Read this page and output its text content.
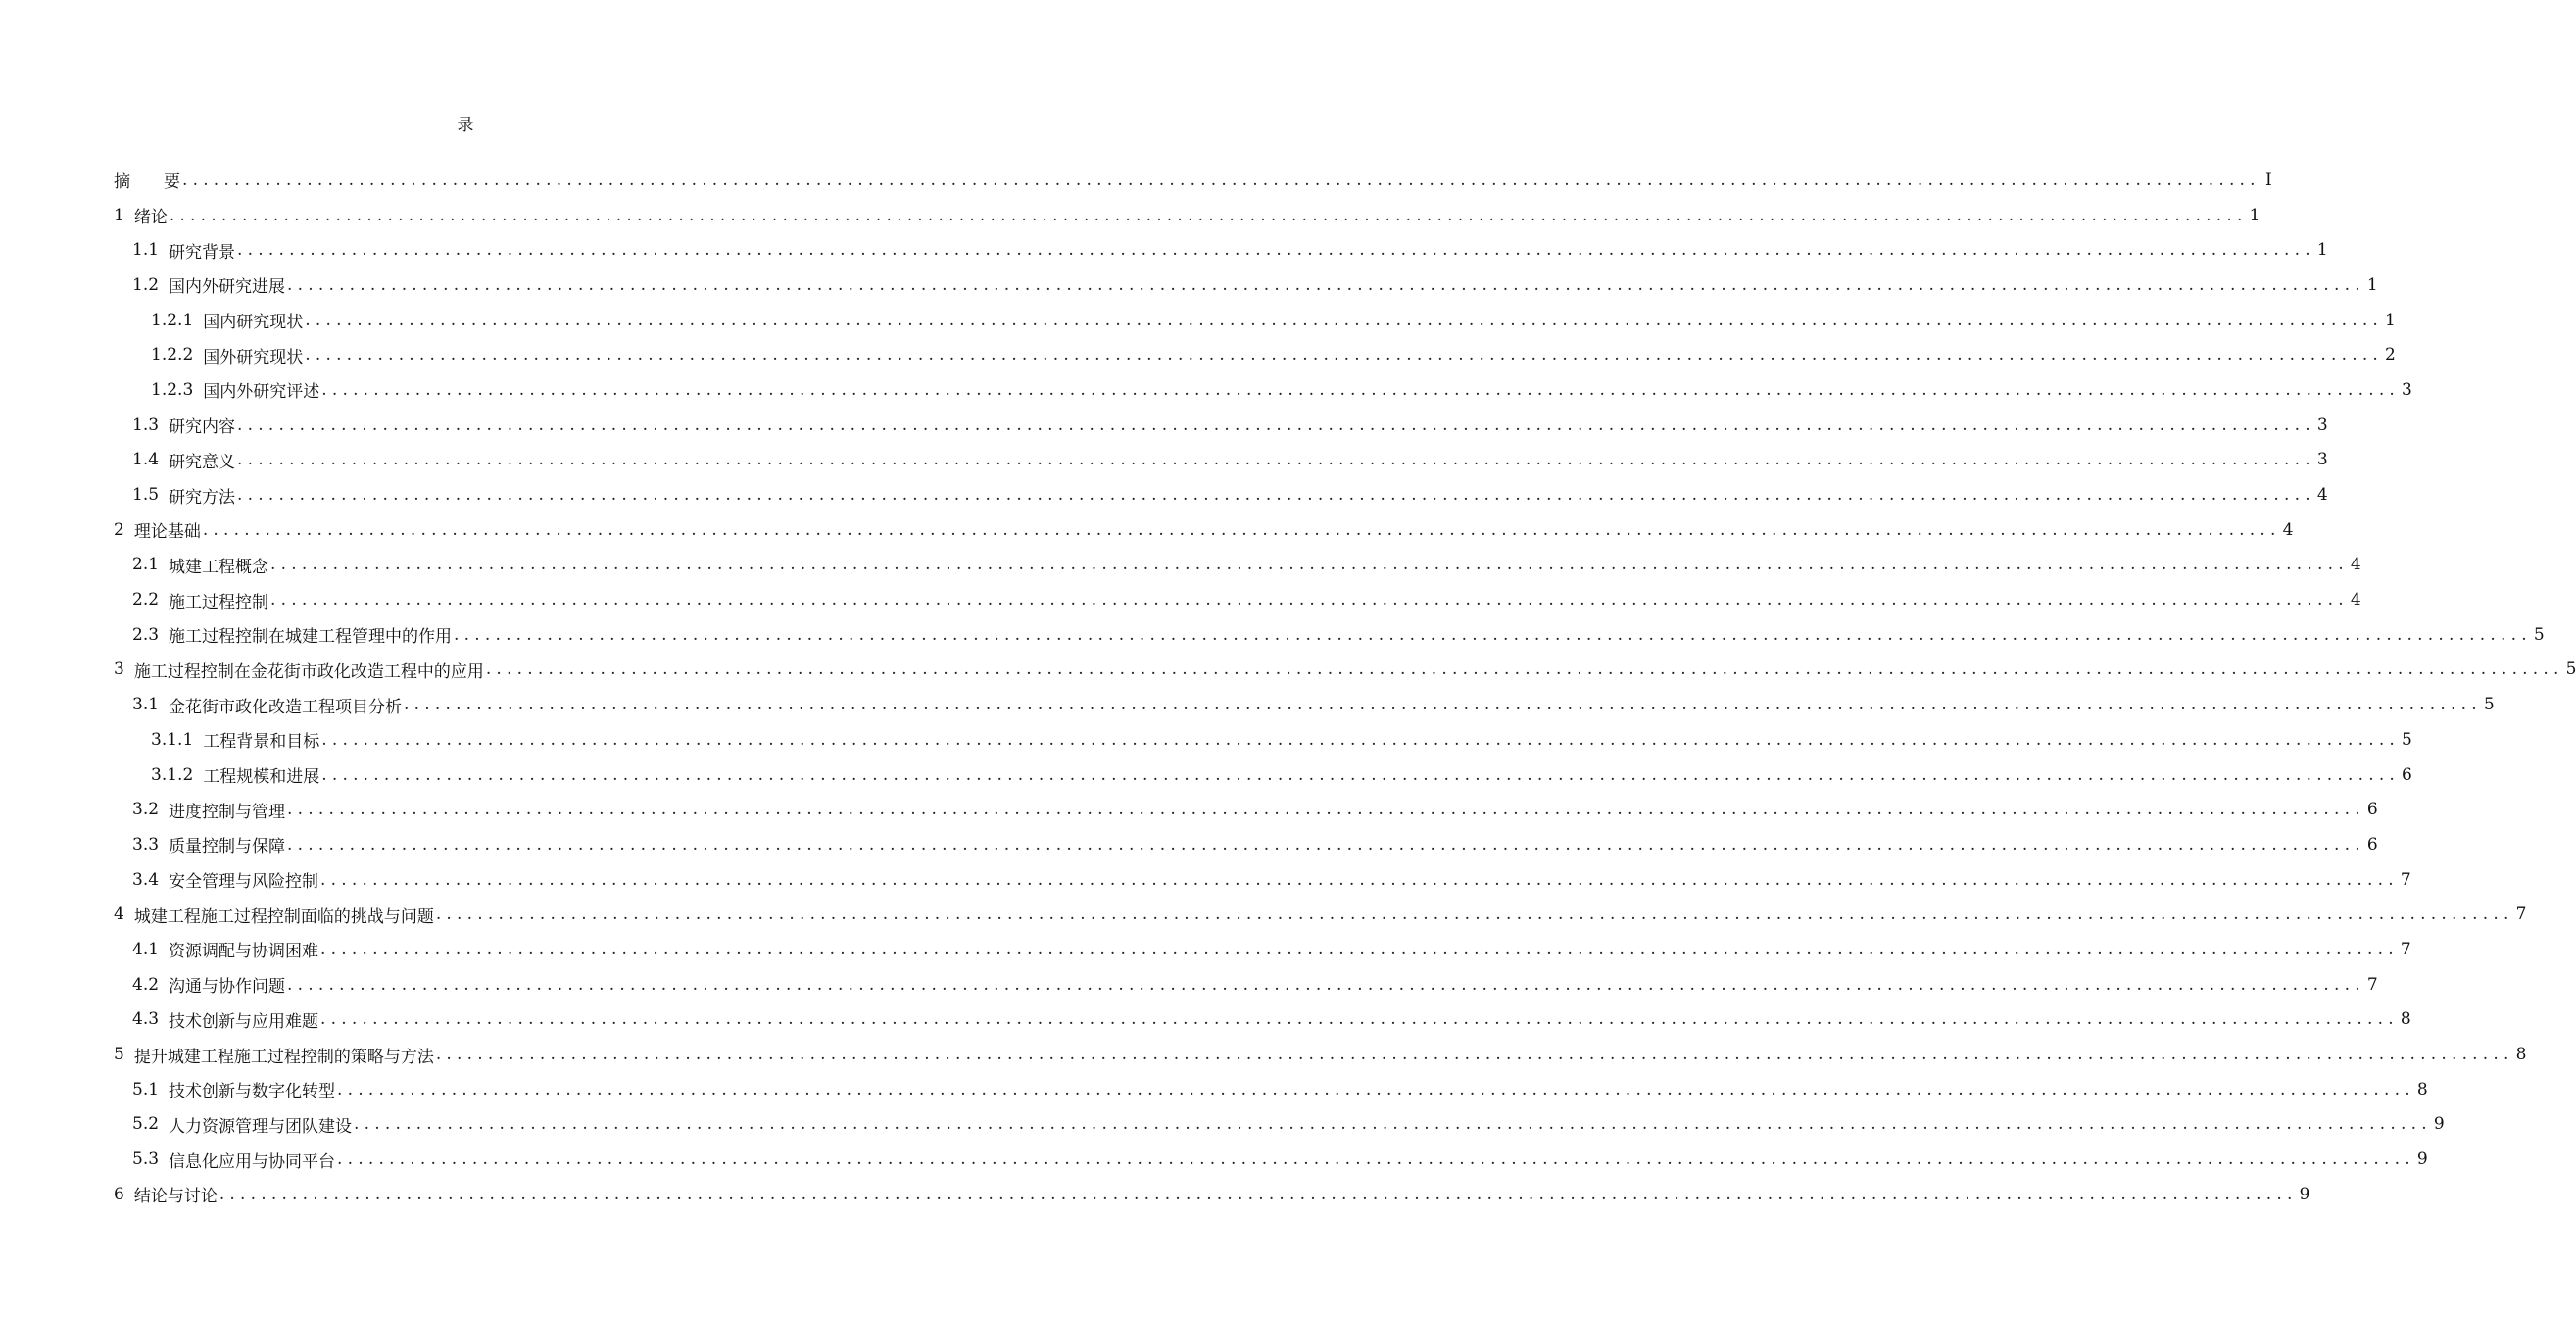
录
摘　　要 ........................................................................................................................................................................................................ I
1 绪论 ........................................................................................................................................................................................................ 1
1.1 研究背景 ........................................................................................................................................................................................................ 1
1.2 国内外研究进展 ........................................................................................................................................................................................................ 1
1.2.1 国内研究现状 ........................................................................................................................................................................................................ 1
1.2.2 国外研究现状 ........................................................................................................................................................................................................ 2
1.2.3 国内外研究评述 ........................................................................................................................................................................................................ 3
1.3 研究内容 ........................................................................................................................................................................................................ 3
1.4 研究意义 ........................................................................................................................................................................................................ 3
1.5 研究方法 ........................................................................................................................................................................................................ 4
2 理论基础 ........................................................................................................................................................................................................ 4
2.1 城建工程概念 ........................................................................................................................................................................................................ 4
2.2 施工过程控制 ........................................................................................................................................................................................................ 4
2.3 施工过程控制在城建工程管理中的作用 ........................................................................................................................................................................................................ 5
3 施工过程控制在金花街市政化改造工程中的应用 ........................................................................................................................................................................................................ 5
3.1 金花街市政化改造工程项目分析 ........................................................................................................................................................................................................ 5
3.1.1 工程背景和目标 ........................................................................................................................................................................................................ 5
3.1.2 工程规模和进展 ........................................................................................................................................................................................................ 6
3.2 进度控制与管理 ........................................................................................................................................................................................................ 6
3.3 质量控制与保障 ........................................................................................................................................................................................................ 6
3.4 安全管理与风险控制 ........................................................................................................................................................................................................ 7
4 城建工程施工过程控制面临的挑战与问题 ........................................................................................................................................................................................................ 7
4.1 资源调配与协调困难 ........................................................................................................................................................................................................ 7
4.2 沟通与协作问题 ........................................................................................................................................................................................................ 7
4.3 技术创新与应用难题 ........................................................................................................................................................................................................ 8
5 提升城建工程施工过程控制的策略与方法 ........................................................................................................................................................................................................ 8
5.1 技术创新与数字化转型 ........................................................................................................................................................................................................ 8
5.2 人力资源管理与团队建设 ........................................................................................................................................................................................................ 9
5.3 信息化应用与协同平台 ........................................................................................................................................................................................................ 9
6 结论与讨论 ........................................................................................................................................................................................................ 9
